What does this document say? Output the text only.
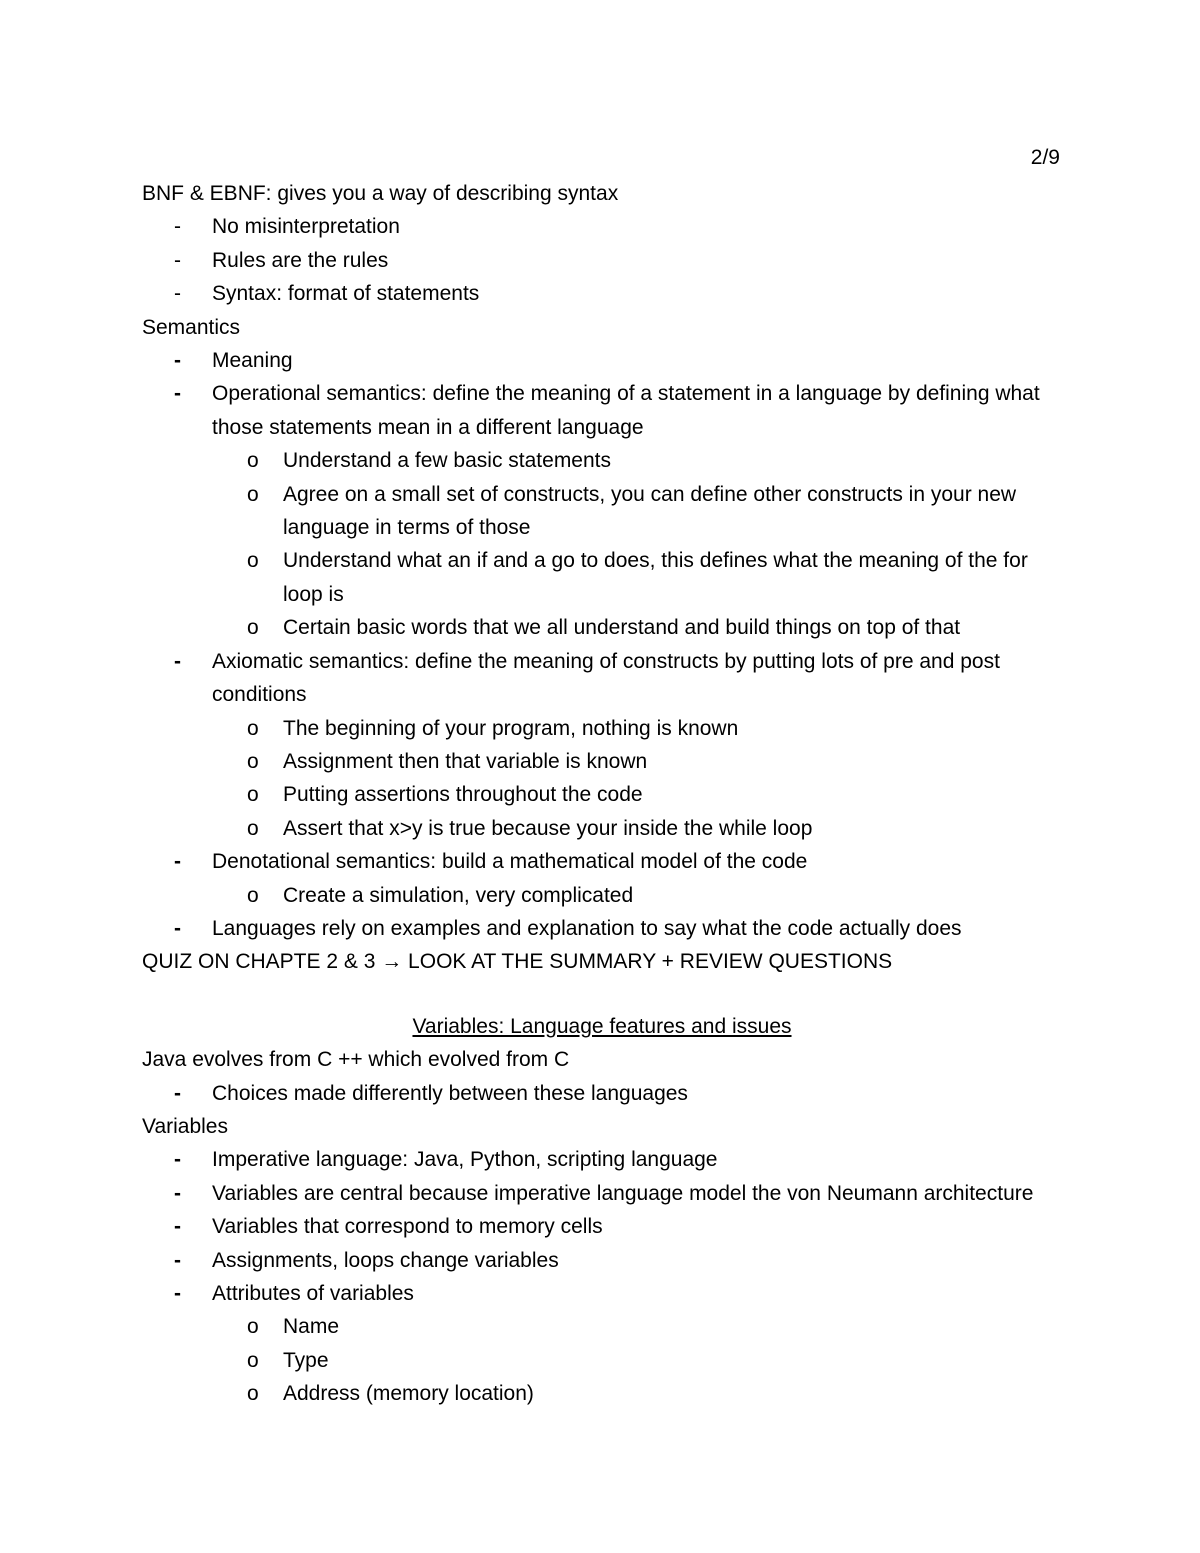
2/9
BNF & EBNF: gives you a way of describing syntax
- No misinterpretation
- Rules are the rules
- Syntax: format of statements
Semantics
- Meaning
- Operational semantics: define the meaning of a statement in a language by defining what those statements mean in a different language
o Understand a few basic statements
o Agree on a small set of constructs, you can define other constructs in your new language in terms of those
o Understand what an if and a go to does, this defines what the meaning of the for loop is
o Certain basic words that we all understand and build things on top of that
- Axiomatic semantics: define the meaning of constructs by putting lots of pre and post conditions
o The beginning of your program, nothing is known
o Assignment then that variable is known
o Putting assertions throughout the code
o Assert that x>y is true because your inside the while loop
- Denotational semantics: build a mathematical model of the code
o Create a simulation, very complicated
- Languages rely on examples and explanation to say what the code actually does
QUIZ ON CHAPTE 2 & 3 → LOOK AT THE SUMMARY + REVIEW QUESTIONS
Variables: Language features and issues
Java evolves from C ++ which evolved from C
- Choices made differently between these languages
Variables
- Imperative language: Java, Python, scripting language
- Variables are central because imperative language model the von Neumann architecture
- Variables that correspond to memory cells
- Assignments, loops change variables
- Attributes of variables
o Name
o Type
o Address (memory location)
